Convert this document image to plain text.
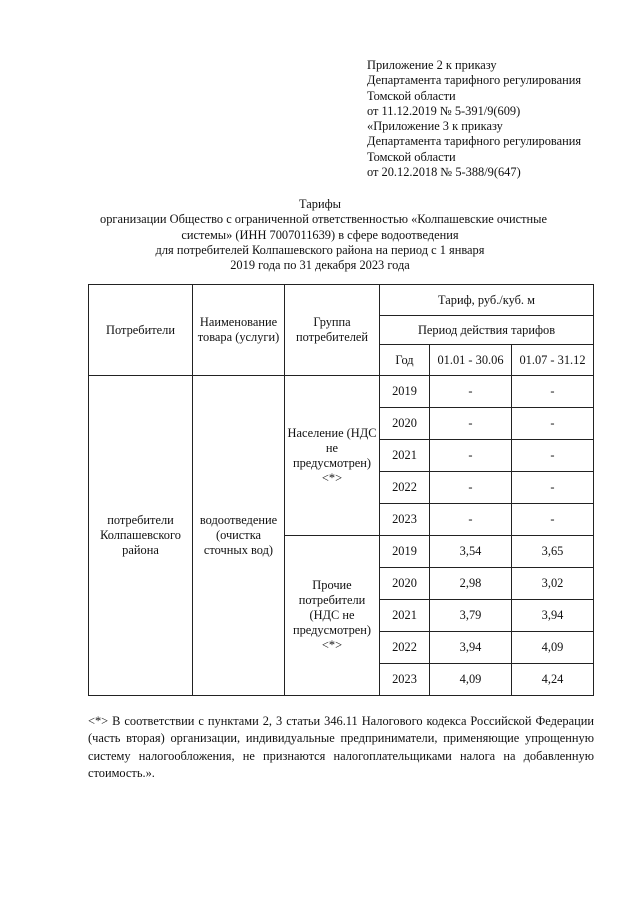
Приложение 2 к приказу
Департамента тарифного регулирования
Томской области
от 11.12.2019 № 5-391/9(609)
«Приложение 3 к приказу
Департамента тарифного регулирования
Томской области
от 20.12.2018 № 5-388/9(647)
Тарифы
организации Общество с ограниченной ответственностью «Колпашевские очистные
системы» (ИНН 7007011639) в сфере водоотведения
для потребителей Колпашевского района на период с 1 января
2019 года по 31 декабря 2023 года
Потребители	Наименование товара (услуги)	Группа потребителей	Тариф, руб./куб. м		
			Период действия тарифов		
			Год	01.01 - 30.06	01.07 - 31.12
потребители Колпашевского района	водоотведение (очистка сточных вод)	Население (НДС не предусмотрен) <*>	2019	-	-
			2020	-	-
			2021	-	-
			2022	-	-
			2023	-	-
		Прочие потребители (НДС не предусмотрен) <*>	2019	3,54	3,65
			2020	2,98	3,02
			2021	3,79	3,94
			2022	3,94	4,09
			2023	4,09	4,24
<*> В соответствии с пунктами 2, 3 статьи 346.11 Налогового кодекса Российской Федерации (часть вторая) организации, индивидуальные предприниматели, применяющие упрощенную систему налогообложения, не признаются налогоплательщиками налога на добавленную стоимость.».
